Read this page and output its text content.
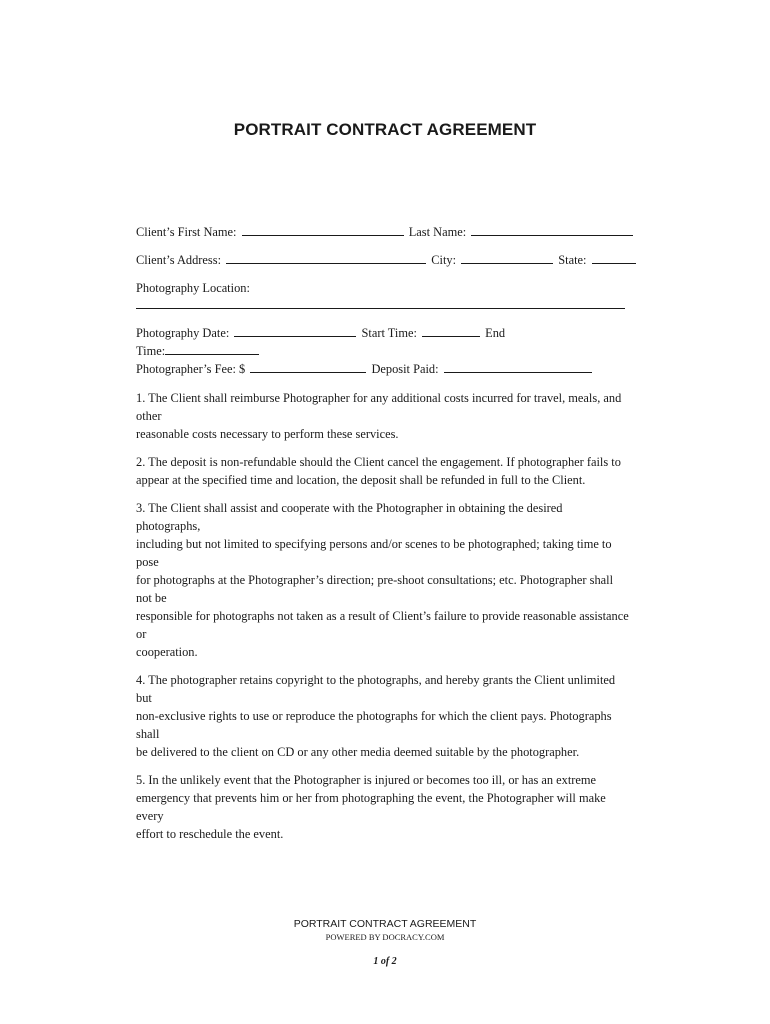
PORTRAIT CONTRACT AGREEMENT
Client’s First Name:	Last Name:
Client’s Address:	City:	State:
Photography Location:
Photography Date:	Start Time:	End
Time:
Photographer’s Fee: $	Deposit Paid:
1. The Client shall reimburse Photographer for any additional costs incurred for travel, meals, and
other
reasonable costs necessary to perform these services.
2. The deposit is non-refundable should the Client cancel the engagement. If photographer fails to
appear at the specified time and location, the deposit shall be refunded in full to the Client.
3. The Client shall assist and cooperate with the Photographer in obtaining the desired
photographs,
including but not limited to specifying persons and/or scenes to be photographed; taking time to
pose
for photographs at the Photographer’s direction; pre-shoot consultations; etc. Photographer shall
not be
responsible for photographs not taken as a result of Client’s failure to provide reasonable assistance
or
cooperation.
4. The photographer retains copyright to the photographs, and hereby grants the Client unlimited
but
non-exclusive rights to use or reproduce the photographs for which the client pays. Photographs
shall
be delivered to the client on CD or any other media deemed suitable by the photographer.
5. In the unlikely event that the Photographer is injured or becomes too ill, or has an extreme
emergency that prevents him or her from photographing the event, the Photographer will make
every
effort to reschedule the event.
PORTRAIT CONTRACT AGREEMENT
POWERED BY DOCRACY.COM
1 of 2
